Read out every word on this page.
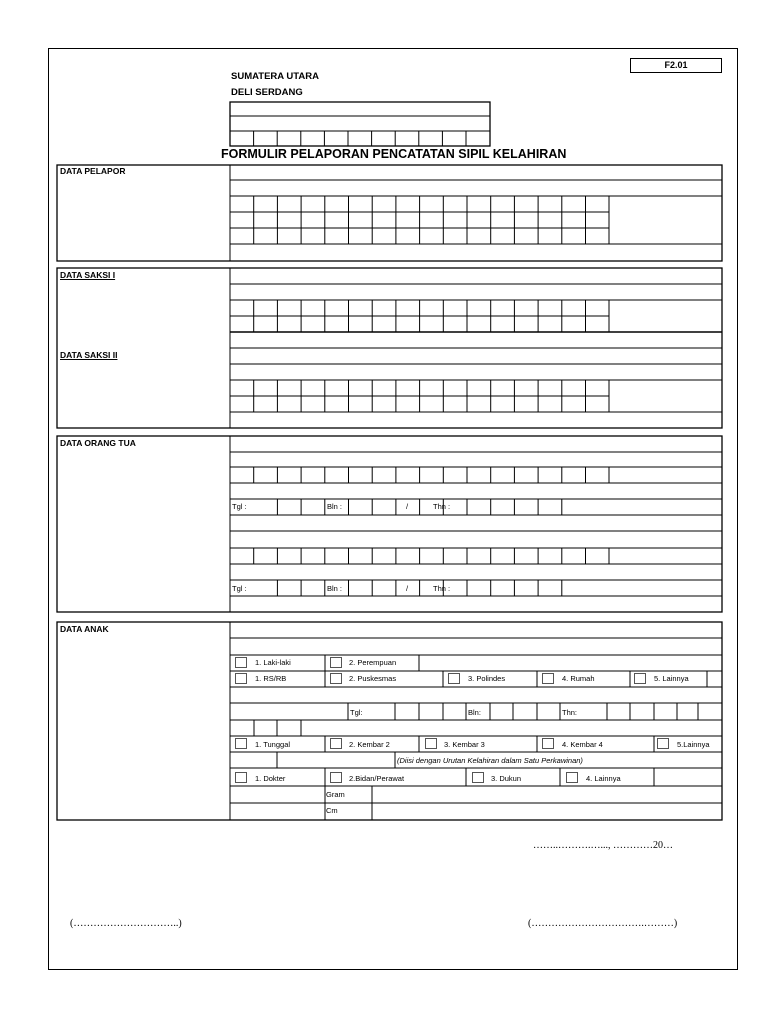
F2.01
SUMATERA UTARA
DELI SERDANG
FORMULIR PELAPORAN PENCATATAN SIPIL KELAHIRAN
DATA PELAPOR
DATA SAKSI I
DATA SAKSI II
DATA ORANG TUA
DATA ANAK
Tgl :	Bln :	/	Thn :
Tgl :	Bln :	/	Thn :
1. Laki-laki	2. Perempuan
1. RS/RB	2. Puskesmas	3. Polindes	4. Rumah	5. Lainnya
Tgl:	Bln:	Thn:
1. Tunggal	2. Kembar 2	3. Kembar 3	4. Kembar 4	5.Lainnya
(Diisi dengan Urutan Kelahiran dalam Satu Perkawinan)
1. Dokter	2.Bidan/Perawat	3. Dukun	4. Lainnya
Gram
Cm
……..……….…..., …………20…
(…………………………..)	(…………………………….………)
